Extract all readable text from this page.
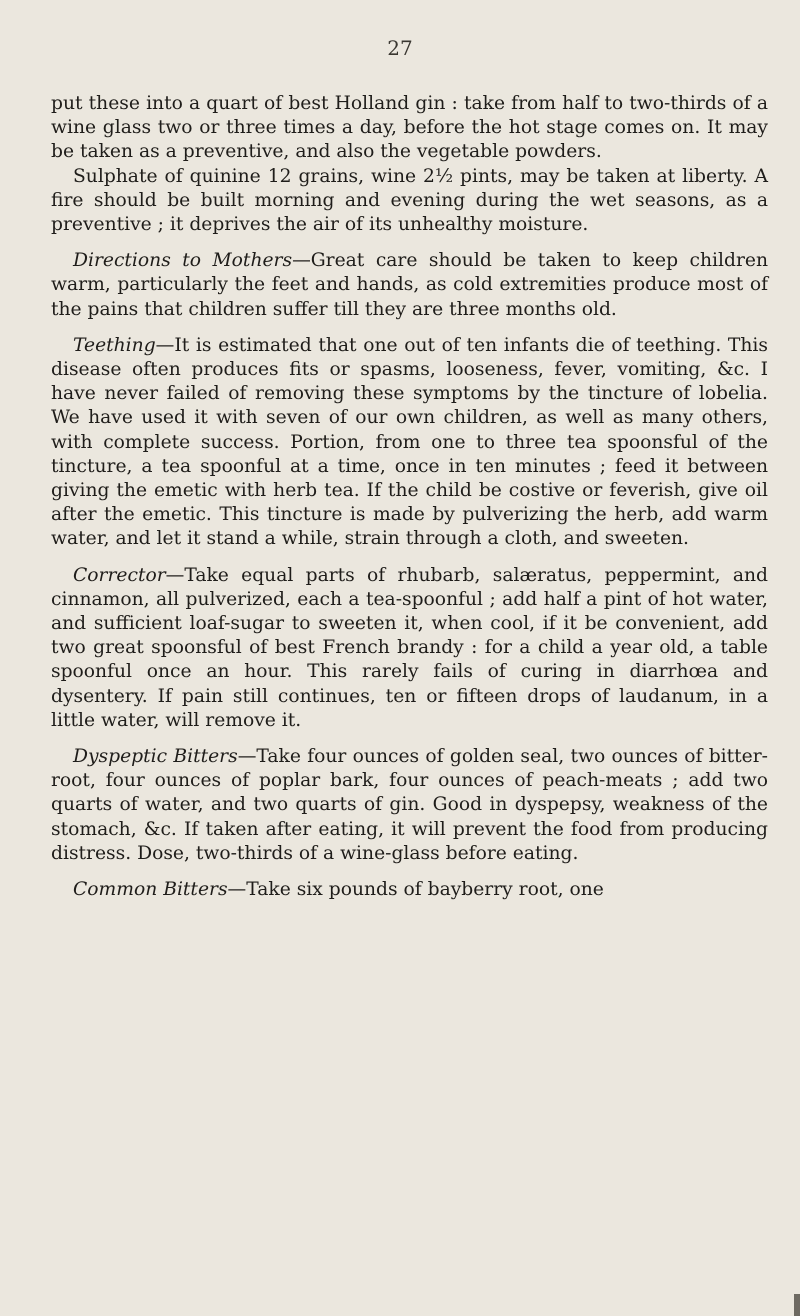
27

put these into a quart of best Holland gin : take from half to two-thirds of a wine glass two or three times a day, before the hot stage comes on. It may be taken as a preventive, and also the vegetable powders.

Sulphate of quinine 12 grains, wine 2½ pints, may be taken at liberty. A fire should be built morning and evening during the wet seasons, as a preventive ; it deprives the air of its unhealthy moisture.

Directions to Mothers—Great care should be taken to keep children warm, particularly the feet and hands, as cold extremities produce most of the pains that children suffer till they are three months old.

Teething—It is estimated that one out of ten infants die of teething. This disease often produces fits or spasms, looseness, fever, vomiting, &c. I have never failed of removing these symptoms by the tincture of lobelia. We have used it with seven of our own children, as well as many others, with complete success. Portion, from one to three tea spoonsful of the tincture, a tea spoonful at a time, once in ten minutes ; feed it between giving the emetic with herb tea. If the child be costive or feverish, give oil after the emetic. This tincture is made by pulverizing the herb, add warm water, and let it stand a while, strain through a cloth, and sweeten.

Corrector—Take equal parts of rhubarb, salæratus, peppermint, and cinnamon, all pulverized, each a tea-spoonful ; add half a pint of hot water, and sufficient loaf-sugar to sweeten it, when cool, if it be convenient, add two great spoonsful of best French brandy : for a child a year old, a table spoonful once an hour. This rarely fails of curing in diarrhœa and dysentery. If pain still continues, ten or fifteen drops of laudanum, in a little water, will remove it.

Dyspeptic Bitters—Take four ounces of golden seal, two ounces of bitter-root, four ounces of poplar bark, four ounces of peach-meats ; add two quarts of water, and two quarts of gin. Good in dyspepsy, weakness of the stomach, &c. If taken after eating, it will prevent the food from producing distress. Dose, two-thirds of a wine-glass before eating.

Common Bitters—Take six pounds of bayberry root, one
